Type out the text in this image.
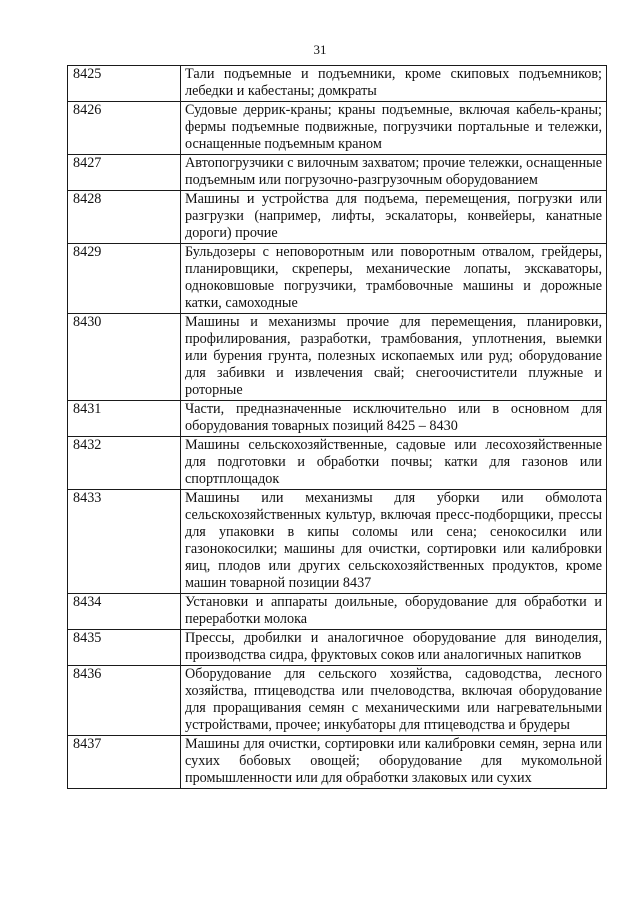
31
8425	Тали подъемные и подъемники, кроме скиповых подъемников; лебедки и кабестаны; домкраты
8426	Судовые деррик-краны; краны подъемные, включая кабель-краны; фермы подъемные подвижные, погрузчики портальные и тележки, оснащенные подъемным краном
8427	Автопогрузчики с вилочным захватом; прочие тележки, оснащенные подъемным или погрузочно-разгрузочным оборудованием
8428	Машины и устройства для подъема, перемещения, погрузки или разгрузки (например, лифты, эскалаторы, конвейеры, канатные дороги) прочие
8429	Бульдозеры с неповоротным или поворотным отвалом, грейдеры, планировщики, скреперы, механические лопаты, экскаваторы, одноковшовые погрузчики, трамбовочные машины и дорожные катки, самоходные
8430	Машины и механизмы прочие для перемещения, планировки, профилирования, разработки, трамбования, уплотнения, выемки или бурения грунта, полезных ископаемых или руд; оборудование для забивки и извлечения свай; снегоочистители плужные и роторные
8431	Части, предназначенные исключительно или в основном для оборудования товарных позиций 8425 – 8430
8432	Машины сельскохозяйственные, садовые или лесохозяйственные для подготовки и обработки почвы; катки для газонов или спортплощадок
8433	Машины или механизмы для уборки или обмолота сельскохозяйственных культур, включая пресс-подборщики, прессы для упаковки в кипы соломы или сена; сенокосилки или газонокосилки; машины для очистки, сортировки или калибровки яиц, плодов или других сельскохозяйственных продуктов, кроме машин товарной позиции 8437
8434	Установки и аппараты доильные, оборудование для обработки и переработки молока
8435	Прессы, дробилки и аналогичное оборудование для виноделия, производства сидра, фруктовых соков или аналогичных напитков
8436	Оборудование для сельского хозяйства, садоводства, лесного хозяйства, птицеводства или пчеловодства, включая оборудование для проращивания семян с механическими или нагревательными устройствами, прочее; инкубаторы для птицеводства и брудеры
8437	Машины для очистки, сортировки или калибровки семян, зерна или сухих бобовых овощей; оборудование для мукомольной промышленности или для обработки злаковых или сухих
